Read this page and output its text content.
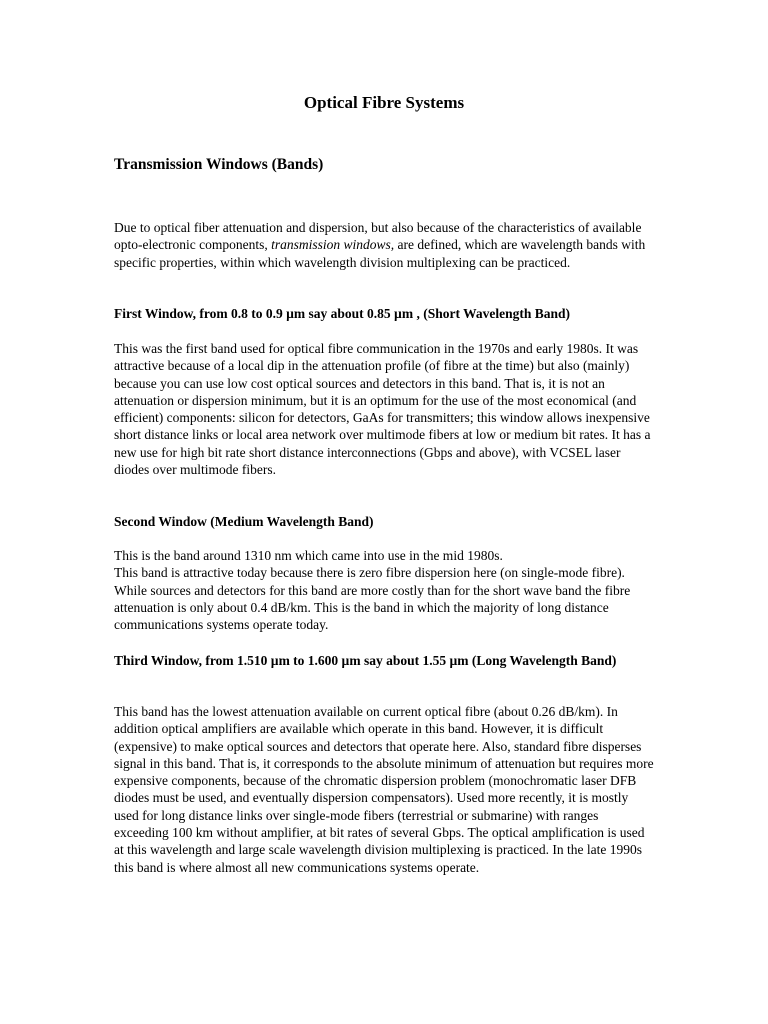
Optical Fibre Systems
Transmission Windows (Bands)

Due to optical fiber attenuation and dispersion, but also because of the characteristics of available opto-electronic components, transmission windows, are defined, which are wavelength bands with specific properties, within which wavelength division multiplexing can be practiced.

First Window, from 0.8 to 0.9 µm say about 0.85 µm , (Short Wavelength Band)

This was the first band used for optical fibre communication in the 1970s and early 1980s. It was attractive because of a local dip in the attenuation profile (of fibre at the time) but also (mainly) because you can use low cost optical sources and detectors in this band. That is, it is not an attenuation or dispersion minimum, but it is an optimum for the use of the most economical (and efficient) components: silicon for detectors, GaAs for transmitters; this window allows inexpensive short distance links or local area network over multimode fibers at low or medium bit rates. It has a new use for high bit rate short distance interconnections (Gbps and above), with VCSEL laser diodes over multimode fibers.

Second Window (Medium Wavelength Band)

This is the band around 1310 nm which came into use in the mid 1980s.
This band is attractive today because there is zero fibre dispersion here (on single-mode fibre). While sources and detectors for this band are more costly than for the short wave band the fibre attenuation is only about 0.4 dB/km. This is the band in which the majority of long distance communications systems operate today.

Third Window, from 1.510 µm to 1.600 µm say about 1.55 µm (Long Wavelength Band)

This band has the lowest attenuation available on current optical fibre (about 0.26 dB/km). In addition optical amplifiers are available which operate in this band. However, it is difficult (expensive) to make optical sources and detectors that operate here. Also, standard fibre disperses signal in this band. That is, it corresponds to the absolute minimum of attenuation but requires more expensive components, because of the chromatic dispersion problem (monochromatic laser DFB diodes must be used, and eventually dispersion compensators). Used more recently, it is mostly used for long distance links over single-mode fibers (terrestrial or submarine) with ranges exceeding 100 km without amplifier, at bit rates of several Gbps. The optical amplification is used at this wavelength and large scale wavelength division multiplexing is practiced. In the late 1990s this band is where almost all new communications systems operate.
